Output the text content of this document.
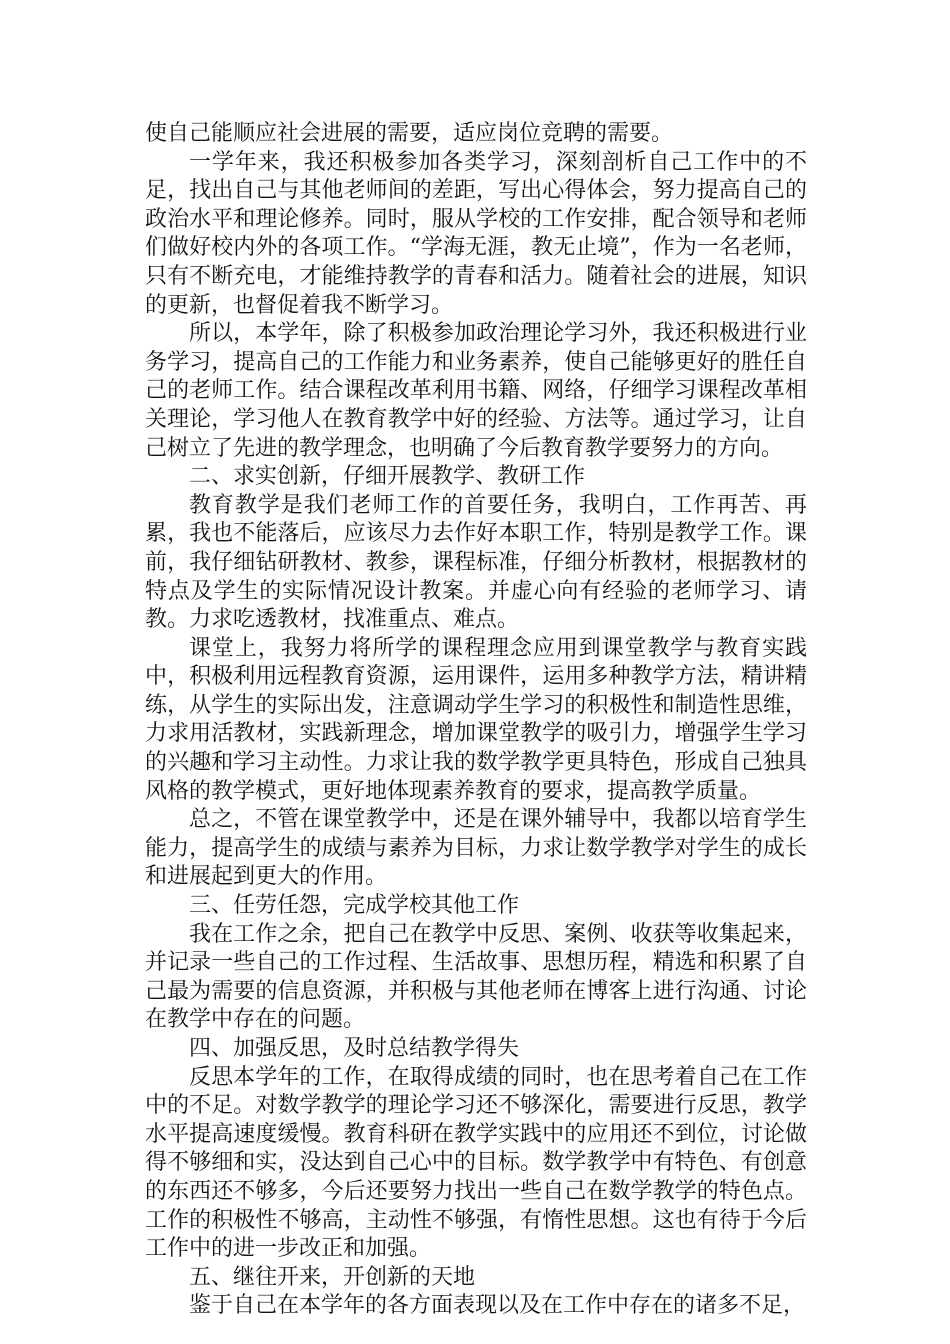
使自己能顺应社会进展的需要，适应岗位竞聘的需要。

一学年来，我还积极参加各类学习，深刻剖析自己工作中的不足，找出自己与其他老师间的差距，写出心得体会，努力提高自己的政治水平和理论修养。同时，服从学校的工作安排，配合领导和老师们做好校内外的各项工作。“学海无涯，教无止境”，作为一名老师，只有不断充电，才能维持教学的青春和活力。随着社会的进展，知识的更新，也督促着我不断学习。

所以，本学年，除了积极参加政治理论学习外，我还积极进行业务学习，提高自己的工作能力和业务素养，使自己能够更好的胜任自己的老师工作。结合课程改革利用书籍、网络，仔细学习课程改革相关理论，学习他人在教育教学中好的经验、方法等。通过学习，让自己树立了先进的教学理念，也明确了今后教育教学要努力的方向。

二、求实创新，仔细开展教学、教研工作

教育教学是我们老师工作的首要任务，我明白，工作再苦、再累，我也不能落后，应该尽力去作好本职工作，特别是教学工作。课前，我仔细钻研教材、教参，课程标准，仔细分析教材，根据教材的特点及学生的实际情况设计教案。并虚心向有经验的老师学习、请教。力求吃透教材，找准重点、难点。

课堂上，我努力将所学的课程理念应用到课堂教学与教育实践中，积极利用远程教育资源，运用课件，运用多种教学方法，精讲精练，从学生的实际出发，注意调动学生学习的积极性和制造性思维，力求用活教材，实践新理念，增加课堂教学的吸引力，增强学生学习的兴趣和学习主动性。力求让我的数学教学更具特色，形成自己独具风格的教学模式，更好地体现素养教育的要求，提高教学质量。

总之，不管在课堂教学中，还是在课外辅导中，我都以培育学生能力，提高学生的成绩与素养为目标，力求让数学教学对学生的成长和进展起到更大的作用。

三、任劳任怨，完成学校其他工作

我在工作之余，把自己在教学中反思、案例、收获等收集起来，并记录一些自己的工作过程、生活故事、思想历程，精选和积累了自己最为需要的信息资源，并积极与其他老师在博客上进行沟通、讨论在教学中存在的问题。

四、加强反思，及时总结教学得失

反思本学年的工作，在取得成绩的同时，也在思考着自己在工作中的不足。对数学教学的理论学习还不够深化，需要进行反思，教学水平提高速度缓慢。教育科研在教学实践中的应用还不到位，讨论做得不够细和实，没达到自己心中的目标。数学教学中有特色、有创意的东西还不够多，今后还要努力找出一些自己在数学教学的特色点。工作的积极性不够高，主动性不够强，有惰性思想。这也有待于今后工作中的进一步改正和加强。

五、继往开来，开创新的天地

鉴于自己在本学年的各方面表现以及在工作中存在的诸多不足，
